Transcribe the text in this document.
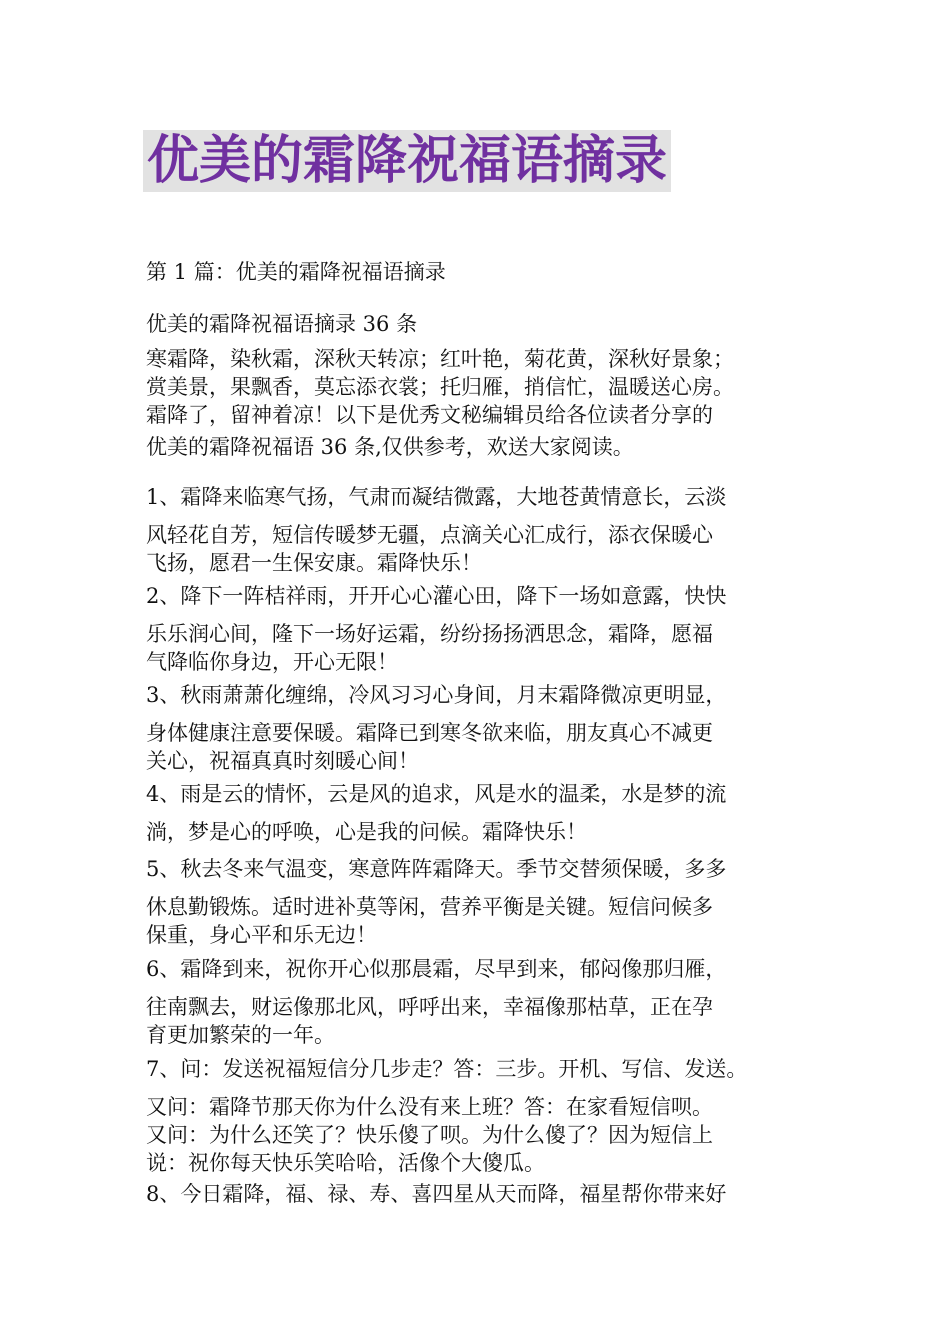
优美的霜降祝福语摘录
第 1 篇：优美的霜降祝福语摘录
优美的霜降祝福语摘录 36 条
寒霜降，染秋霜，深秋天转凉；红叶艳，菊花黄，深秋好景象；
赏美景，果飘香，莫忘添衣裳；托归雁，捎信忙，温暖送心房。
霜降了，留神着凉！以下是优秀文秘编辑员给各位读者分享的
优美的霜降祝福语 36 条,仅供参考，欢送大家阅读。
1、霜降来临寒气扬，气肃而凝结微露，大地苍黄情意长，云淡
风轻花自芳，短信传暖梦无疆，点滴关心汇成行，添衣保暖心
飞扬，愿君一生保安康。霜降快乐！
2、降下一阵桔祥雨，开开心心灌心田，降下一场如意露，快快
乐乐润心间，隆下一场好运霜，纷纷扬扬洒思念，霜降，愿福
气降临你身边，开心无限！
3、秋雨萧萧化缠绵，冷风习习心身间，月末霜降微凉更明显，
身体健康注意要保暖。霜降已到寒冬欲来临，朋友真心不减更
关心，祝福真真时刻暖心间！
4、雨是云的情怀，云是风的追求，风是水的温柔，水是梦的流
淌，梦是心的呼唤，心是我的问候。霜降快乐！
5、秋去冬来气温变，寒意阵阵霜降天。季节交替须保暖，多多
休息勤锻炼。适时进补莫等闲，营养平衡是关键。短信问候多
保重，身心平和乐无边！
6、霜降到来，祝你开心似那晨霜，尽早到来，郁闷像那归雁，
往南飘去，财运像那北风，呼呼出来，幸福像那枯草，正在孕
育更加繁荣的一年。
7、问：发送祝福短信分几步走？答：三步。开机、写信、发送。
又问：霜降节那天你为什么没有来上班？答：在家看短信呗。
又问：为什么还笑了？快乐傻了呗。为什么傻了？因为短信上
说：祝你每天快乐笑哈哈，活像个大傻瓜。
8、今日霜降，福、禄、寿、喜四星从天而降，福星帮你带来好
